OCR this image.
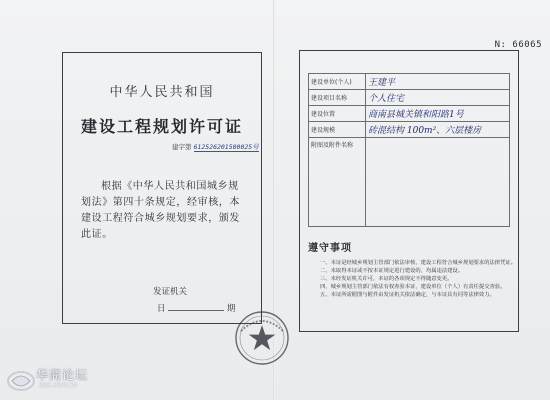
N: 66065
中华人民共和国
建设工程规划许可证
建字第 612526201500025号
根据《中华人民共和国城乡规划法》第四十条规定，经审核，本建设工程符合城乡规划要求，颁发此证。
发证机关
日	期
建设单位(个人)	王建平
建设项目名称	个人住宅
建设位置	商南县城关镇和阳路1号
建设规模	砖混结构 100m²、六层楼房
附图及附件名称	
遵守事项
一、本证是经城乡规划主管部门依法审核，建设工程符合城乡规划要求的法律凭证。
二、未取得本证或不按本证规定进行建设的，均属违法建设。
三、未经发证机关许可，本证的各项规定不得随意变更。
四、城乡规划主管部门依法有权查验本证，建设单位（个人）有责任提交查验。
五、本证所需附图与附件由发证机关依法确定，与本证具有同等法律效力。
华商论坛
BBS.HSW.CN
